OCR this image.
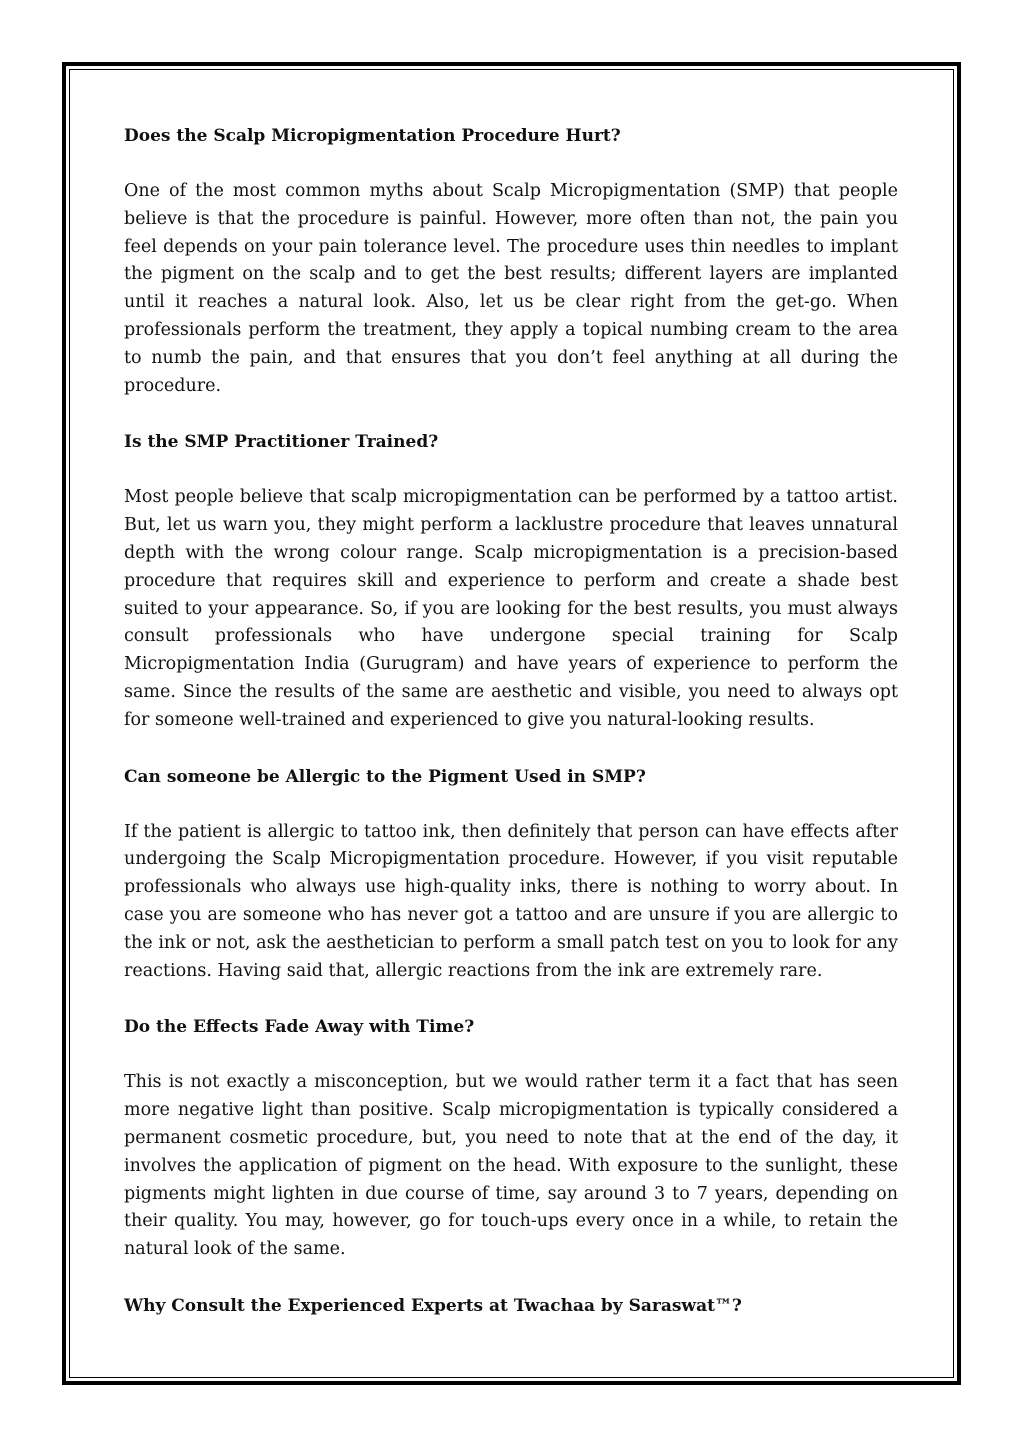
Does the Scalp Micropigmentation Procedure Hurt?

One of the most common myths about Scalp Micropigmentation (SMP) that people believe is that the procedure is painful. However, more often than not, the pain you feel depends on your pain tolerance level. The procedure uses thin needles to implant the pigment on the scalp and to get the best results; different layers are implanted until it reaches a natural look. Also, let us be clear right from the get-go. When professionals perform the treatment, they apply a topical numbing cream to the area to numb the pain, and that ensures that you don’t feel anything at all during the procedure.

Is the SMP Practitioner Trained?

Most people believe that scalp micropigmentation can be performed by a tattoo artist. But, let us warn you, they might perform a lacklustre procedure that leaves unnatural depth with the wrong colour range. Scalp micropigmentation is a precision-based procedure that requires skill and experience to perform and create a shade best suited to your appearance. So, if you are looking for the best results, you must always consult professionals who have undergone special training for Scalp Micropigmentation India (Gurugram) and have years of experience to perform the same. Since the results of the same are aesthetic and visible, you need to always opt for someone well-trained and experienced to give you natural-looking results.

Can someone be Allergic to the Pigment Used in SMP?

If the patient is allergic to tattoo ink, then definitely that person can have effects after undergoing the Scalp Micropigmentation procedure. However, if you visit reputable professionals who always use high-quality inks, there is nothing to worry about. In case you are someone who has never got a tattoo and are unsure if you are allergic to the ink or not, ask the aesthetician to perform a small patch test on you to look for any reactions. Having said that, allergic reactions from the ink are extremely rare.

Do the Effects Fade Away with Time?

This is not exactly a misconception, but we would rather term it a fact that has seen more negative light than positive. Scalp micropigmentation is typically considered a permanent cosmetic procedure, but, you need to note that at the end of the day, it involves the application of pigment on the head. With exposure to the sunlight, these pigments might lighten in due course of time, say around 3 to 7 years, depending on their quality. You may, however, go for touch-ups every once in a while, to retain the natural look of the same.

Why Consult the Experienced Experts at Twachaa by Saraswat™?
